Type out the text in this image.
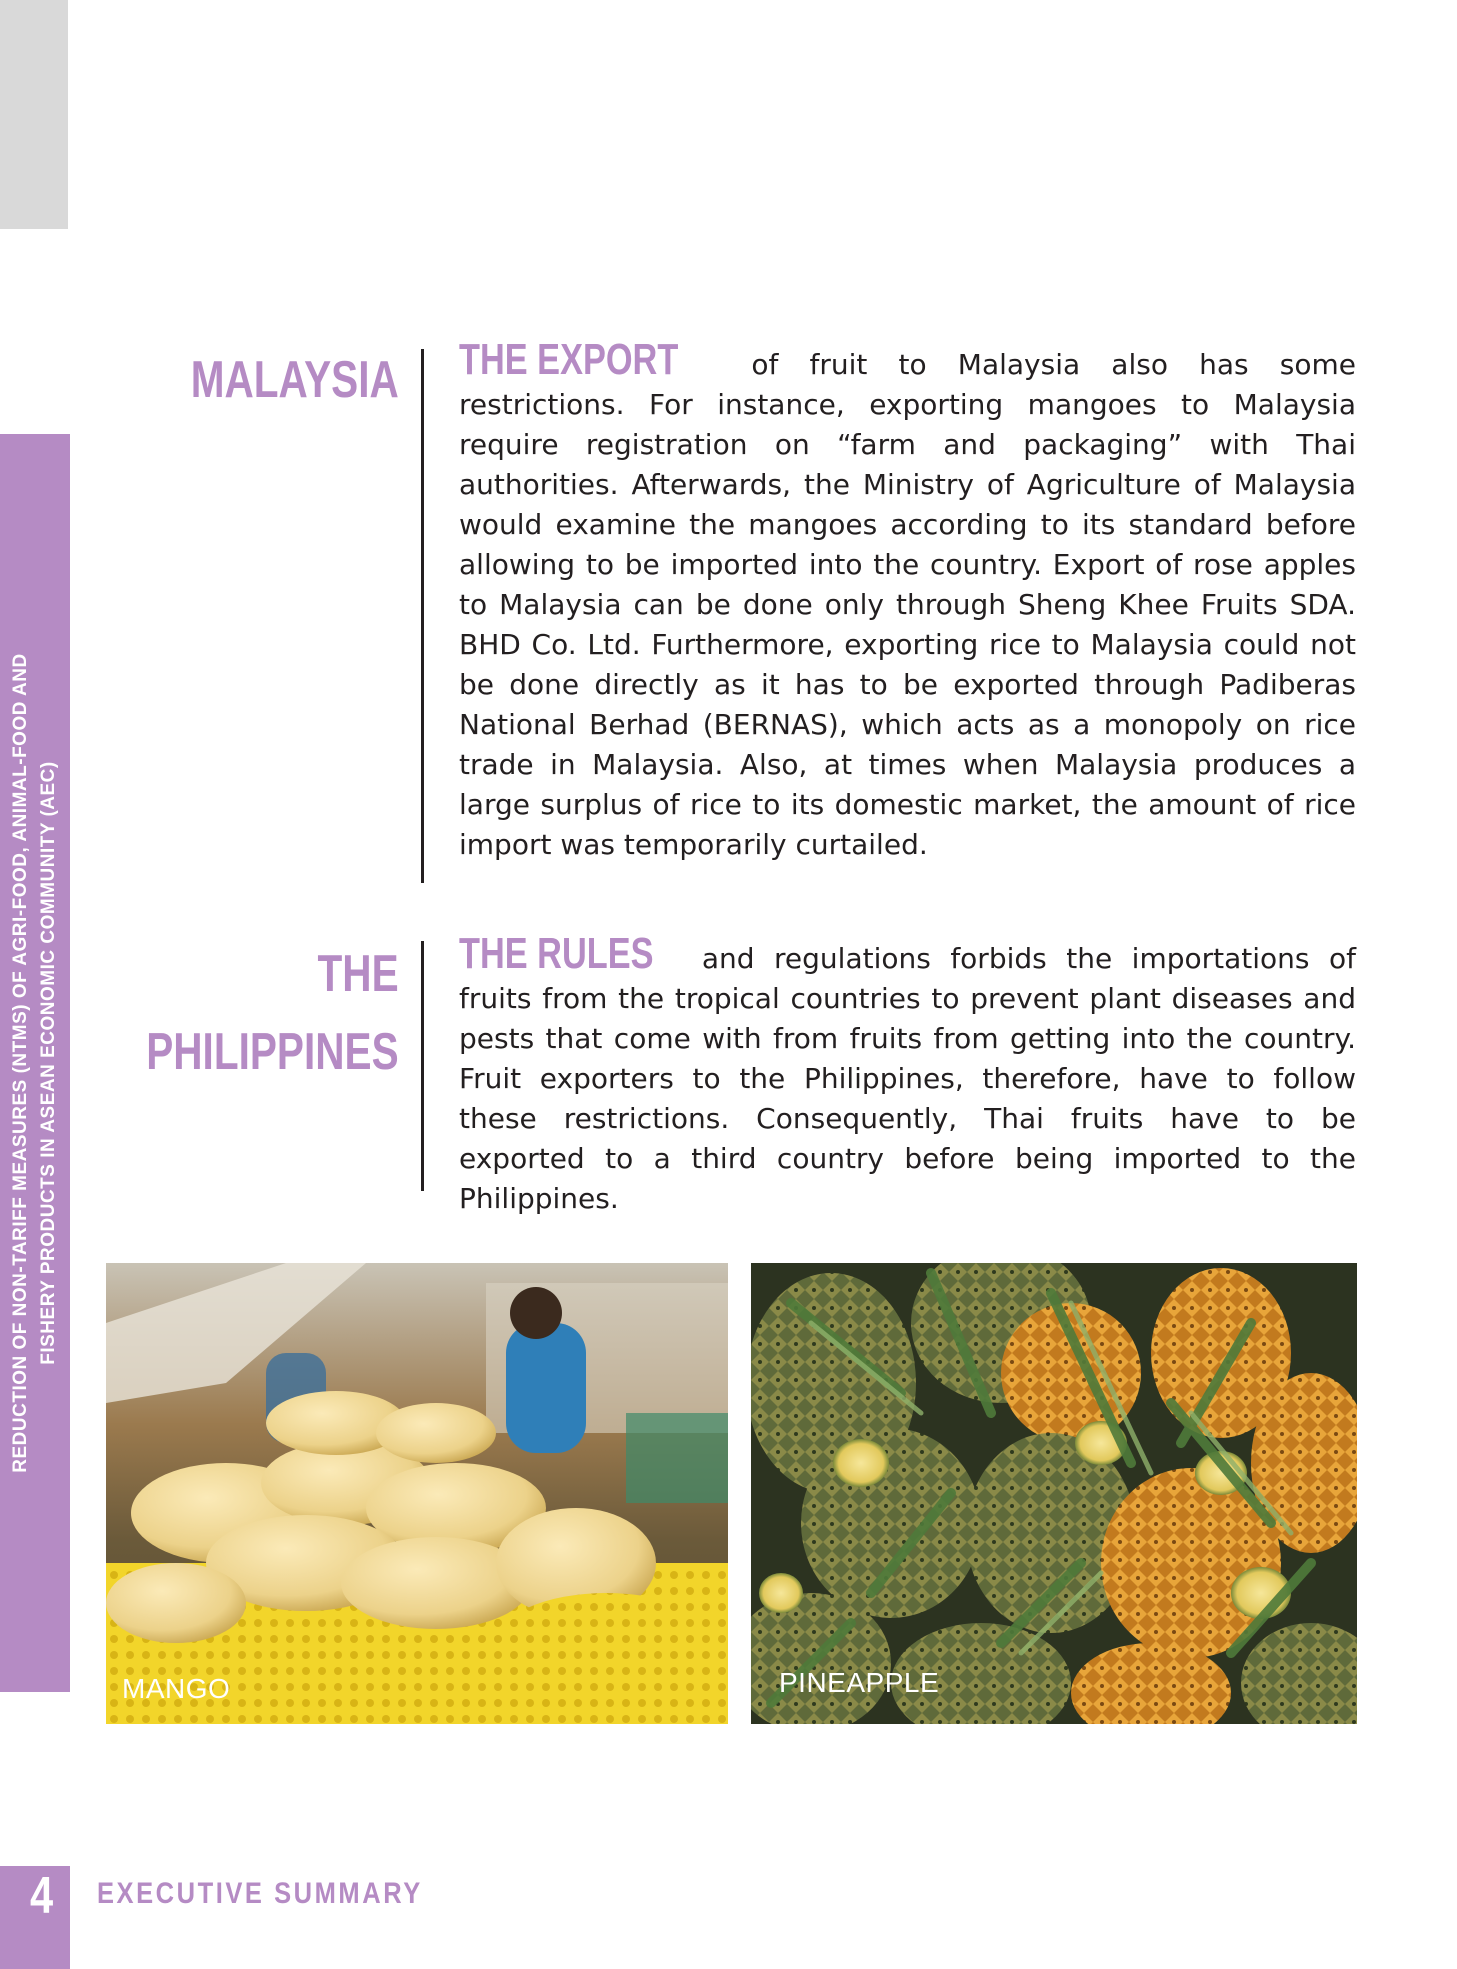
REDUCTION OF NON-TARIFF MEASURES (NTMS) OF AGRI-FOOD, ANIMAL-FOOD AND FISHERY PRODUCTS IN ASEAN ECONOMIC COMMUNITY (AEC)
MALAYSIA THE EXPORT of fruit to Malaysia also has some restrictions. For instance, exporting mangoes to Malaysia require registration on “farm and packaging” with Thai authorities. Afterwards, the Ministry of Agriculture of Malaysia would examine the mangoes according to its standard before allowing to be imported into the country. Export of rose apples to Malaysia can be done only through Sheng Khee Fruits SDA. BHD Co. Ltd. Furthermore, exporting rice to Malaysia could not be done directly as it has to be exported through Padiberas National Berhad (BERNAS), which acts as a monopoly on rice trade in Malaysia. Also, at times when Malaysia produces a large surplus of rice to its domestic market, the amount of rice import was temporarily curtailed.

THE
PHILIPPINES

THE RULES and regulations forbids the importations of fruits from the tropical countries to prevent plant diseases and pests that come with from fruits from getting into the country. Fruit exporters to the Philippines, therefore, have to follow these restrictions. Consequently, Thai fruits have to be exported to a third country before being imported to the Philippines.

MANGO	PINEAPPLE
4	EXECUTIVE SUMMARY
